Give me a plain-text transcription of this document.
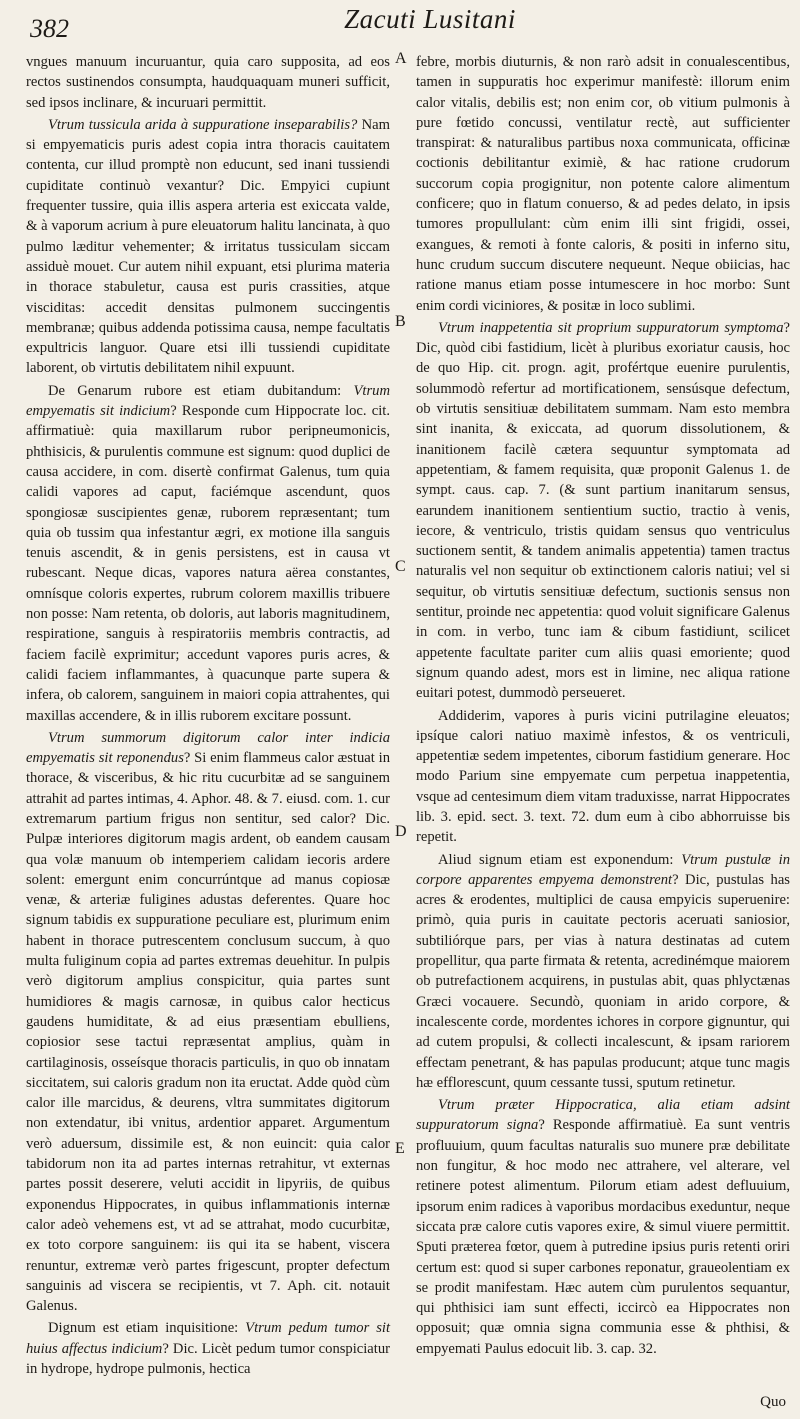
382	Zacuti Lusitani

vngues manuum incuruantur, quia caro supposita, ad eos rectos sustinendos consumpta, haudquaquam muneri sufficit, sed ipsos inclinare, & incuruari permittit.

Vtrum tussicula arida à suppuratione inseparabilis? Nam si empyematicis puris adest copia intra thoracis cauitatem contenta, cur illud promptè non educunt, sed inani tussiendi cupiditate continuò vexantur? Dic. Empyici cupiunt frequenter tussire, quia illis aspera arteria est exiccata valde, & à vaporum acrium à pure eleuatorum halitu lancinata, à quo pulmo læditur vehementer; & irritatus tussiculam siccam assiduè mouet. Cur autem nihil expuant, etsi plurima materia in thorace stabuletur, causa est puris crassities, atque visciditas: accedit densitas pulmonem succingentis membranæ; quibus addenda potissima causa, nempe facultatis expultricis languor. Quare etsi illi tussiendi cupiditate laborent, ob virtutis debilitatem nihil expuunt.

De Genarum rubore est etiam dubitandum: Vtrum empyematis sit indicium? Responde cum Hippocrate loc. cit. affirmatiuè: quia maxillarum rubor peripneumonicis, phthisicis, & purulentis commune est signum: quod duplici de causa accidere, in com. disertè confirmat Galenus, tum quia calidi vapores ad caput, faciémque ascendunt, quos spongiosæ suscipientes genæ, ruborem repræsentant; tum quia ob tussim qua infestantur ægri, ex motione illa sanguis tenuis ascendit, & in genis persistens, est in causa vt rubescant. Neque dicas, vapores natura aërea constantes, omnísque coloris expertes, rubrum colorem maxillis tribuere non posse: Nam retenta, ob doloris, aut laboris magnitudinem, respiratione, sanguis à respiratoriis membris contractis, ad faciem facilè exprimitur; accedunt vapores puris acres, & calidi faciem inflammantes, à quacunque parte supera & infera, ob calorem, sanguinem in maiori copia attrahentes, qui maxillas accendere, & in illis ruborem excitare possunt.

Vtrum summorum digitorum calor inter indicia empyematis sit reponendus? Si enim flammeus calor æstuat in thorace, & visceribus, & hic ritu cucurbitæ ad se sanguinem attrahit ad partes intimas, 4. Aphor. 48. & 7. eiusd. com. 1. cur extremarum partium frigus non sentitur, sed calor? Dic. Pulpæ interiores digitorum magis ardent, ob eandem causam qua volæ manuum ob intemperiem calidam iecoris ardere solent: emergunt enim concurrúntque ad manus copiosæ venæ, & arteriæ fuligines adustas deferentes. Quare hoc signum tabidis ex suppuratione peculiare est, plurimum enim habent in thorace putrescentem conclusum succum, à quo multa fuliginum copia ad partes extremas deuehitur. In pulpis verò digitorum amplius conspicitur, quia partes sunt humidiores & magis carnosæ, in quibus calor hecticus gaudens humiditate, & ad eius præsentiam ebulliens, copiosior sese tactui repræsentat amplius, quàm in cartilaginosis, osseísque thoracis particulis, in quo ob innatam siccitatem, sui caloris gradum non ita eructat. Adde quòd cùm calor ille marcidus, & deurens, vltra summitates digitorum non extendatur, ibi vnitus, ardentior apparet. Argumentum verò aduersum, dissimile est, & non euincit: quia calor tabidorum non ita ad partes internas retrahitur, vt externas partes possit deserere, veluti accidit in lipyriis, de quibus exponendus Hippocrates, in quibus inflammationis internæ calor adeò vehemens est, vt ad se attrahat, modo cucurbitæ, ex toto corpore sanguinem: iis qui ita se habent, viscera renuntur, extremæ verò partes frigescunt, propter defectum sanguinis ad viscera se recipientis, vt 7. Aph. cit. notauit Galenus.

Dignum est etiam inquisitione: Vtrum pedum tumor sit huius affectus indicium? Dic. Licèt pedum tumor conspiciatur in hydrope, hydrope pulmonis, hectica

febre, morbis diuturnis, & non rarò adsit in conualescentibus, tamen in suppuratis hoc experimur manifestè: illorum enim calor vitalis, debilis est; non enim cor, ob vitium pulmonis à pure fœtido concussi, ventilatur rectè, aut sufficienter transpirat: & naturalibus partibus noxa communicata, officinæ coctionis debilitantur eximiè, & hac ratione crudorum succorum copia progignitur, non potente calore alimentum conficere; quo in flatum conuerso, & ad pedes delato, in ipsis tumores propullulant: cùm enim illi sint frigidi, ossei, exangues, & remoti à fonte caloris, & positi in inferno situ, hunc crudum succum discutere nequeunt. Neque obiicias, hac ratione manus etiam posse intumescere in hoc morbo: Sunt enim cordi viciniores, & positæ in loco sublimi.

Vtrum inappetentia sit proprium suppuratorum symptoma? Dic, quòd cibi fastidium, licèt à pluribus exoriatur causis, hoc de quo Hip. cit. progn. agit, profértque euenire purulentis, solummodò refertur ad mortificationem, sensúsque defectum, ob virtutis sensitiuæ debilitatem summam. Nam esto membra sint inanita, & exiccata, ad quorum dissolutionem, & inanitionem facilè cætera sequuntur symptomata ad appetentiam, & famem requisita, quæ proponit Galenus 1. de sympt. caus. cap. 7. (& sunt partium inanitarum sensus, earundem inanitionem sentientium suctio, tractio à venis, iecore, & ventriculo, tristis quidam sensus quo ventriculus suctionem sentit, & tandem animalis appetentia) tamen tractus naturalis vel non sequitur ob extinctionem caloris natiui; vel si sequitur, ob virtutis sensitiuæ defectum, suctionis sensus non sentitur, proinde nec appetentia: quod voluit significare Galenus in com. in verbo, tunc iam & cibum fastidiunt, scilicet appetente facultate pariter cum aliis quasi emoriente; quod signum quando adest, mors est in limine, nec aliqua ratione euitari potest, dummodò perseueret.

Addiderim, vapores à puris vicini putrilagine eleuatos; ipsíque calori natiuo maximè infestos, & os ventriculi, appetentiæ sedem impetentes, ciborum fastidium generare. Hoc modo Parium sine empyemate cum perpetua inappetentia, vsque ad centesimum diem vitam traduxisse, narrat Hippocrates lib. 3. epid. sect. 3. text. 72. dum eum à cibo abhorruisse bis repetit.

Aliud signum etiam est exponendum: Vtrum pustulæ in corpore apparentes empyema demonstrent? Dic, pustulas has acres & erodentes, multiplici de causa empyicis superuenire: primò, quia puris in cauitate pectoris aceruati saniosior, subtiliórque pars, per vias à natura destinatas ad cutem propellitur, qua parte firmata & retenta, acredinémque maiorem ob putrefactionem acquirens, in pustulas abit, quas phlyctænas Græci vocauere. Secundò, quoniam in arido corpore, & incalescente corde, mordentes ichores in corpore gignuntur, qui ad cutem propulsi, & collecti incalescunt, & ipsam rariorem effectam penetrant, & has papulas producunt; atque tunc magis hæ efflorescunt, quum cessante tussi, sputum retinetur.

Vtrum præter Hippocratica, alia etiam adsint suppuratorum signa? Responde affirmatiuè. Ea sunt ventris profluuium, quum facultas naturalis suo munere præ debilitate non fungitur, & hoc modo nec attrahere, vel alterare, vel retinere potest alimentum. Pilorum etiam adest defluuium, ipsorum enim radices à vaporibus mordacibus exeduntur, neque siccata præ calore cutis vapores exire, & simul viuere permittit. Sputi præterea fœtor, quem à putredine ipsius puris retenti oriri certum est: quod si super carbones reponatur, graueolentiam ex se prodit manifestam. Hæc autem cùm purulentos sequantur, qui phthisici iam sunt effecti, iccircò ea Hippocrates non opposuit; quæ omnia signa communia esse & phthisi, & empyemati Paulus edocuit lib. 3. cap. 32.

A
B
C
D
E
Quo
